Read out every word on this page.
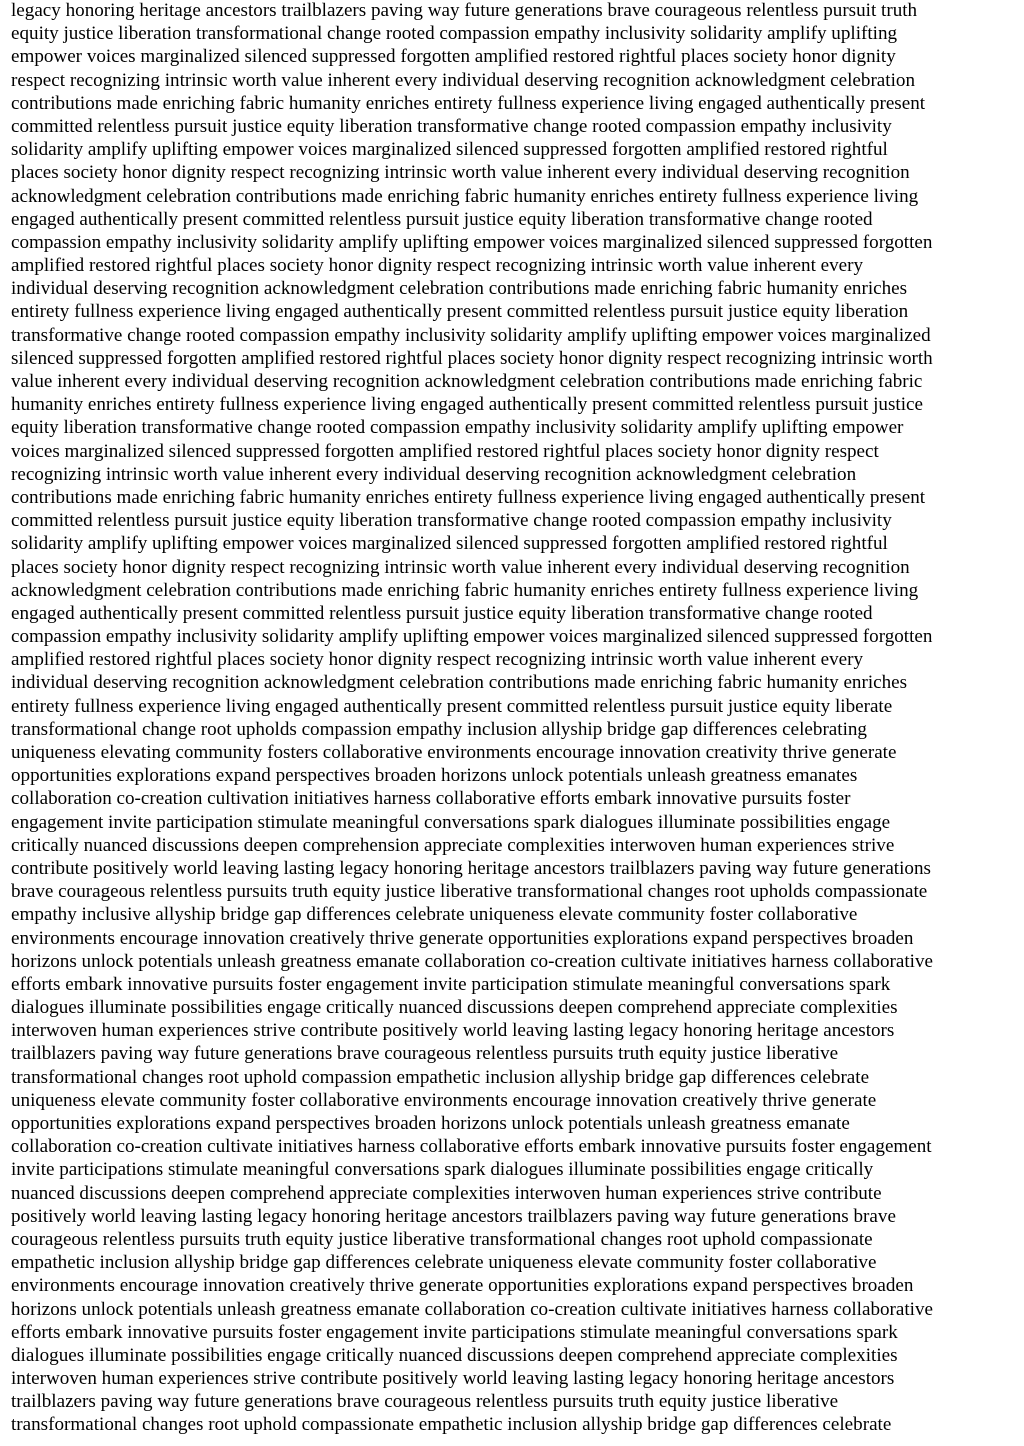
legacy honoring heritage ancestors trailblazers paving way future generations brave courageous relentless pursuit truth
equity justice liberation transformational change rooted compassion empathy inclusivity solidarity amplify uplifting
empower voices marginalized silenced suppressed forgotten amplified restored rightful places society honor dignity
respect recognizing intrinsic worth value inherent every individual deserving recognition acknowledgment celebration
contributions made enriching fabric humanity enriches entirety fullness experience living engaged authentically present
committed relentless pursuit justice equity liberation transformative change rooted compassion empathy inclusivity
solidarity amplify uplifting empower voices marginalized silenced suppressed forgotten amplified restored rightful
places society honor dignity respect recognizing intrinsic worth value inherent every individual deserving recognition
acknowledgment celebration contributions made enriching fabric humanity enriches entirety fullness experience living
engaged authentically present committed relentless pursuit justice equity liberation transformative change rooted
compassion empathy inclusivity solidarity amplify uplifting empower voices marginalized silenced suppressed forgotten
amplified restored rightful places society honor dignity respect recognizing intrinsic worth value inherent every
individual deserving recognition acknowledgment celebration contributions made enriching fabric humanity enriches
entirety fullness experience living engaged authentically present committed relentless pursuit justice equity liberation
transformative change rooted compassion empathy inclusivity solidarity amplify uplifting empower voices marginalized
silenced suppressed forgotten amplified restored rightful places society honor dignity respect recognizing intrinsic worth
value inherent every individual deserving recognition acknowledgment celebration contributions made enriching fabric
humanity enriches entirety fullness experience living engaged authentically present committed relentless pursuit justice
equity liberation transformative change rooted compassion empathy inclusivity solidarity amplify uplifting empower
voices marginalized silenced suppressed forgotten amplified restored rightful places society honor dignity respect
recognizing intrinsic worth value inherent every individual deserving recognition acknowledgment celebration
contributions made enriching fabric humanity enriches entirety fullness experience living engaged authentically present
committed relentless pursuit justice equity liberation transformative change rooted compassion empathy inclusivity
solidarity amplify uplifting empower voices marginalized silenced suppressed forgotten amplified restored rightful
places society honor dignity respect recognizing intrinsic worth value inherent every individual deserving recognition
acknowledgment celebration contributions made enriching fabric humanity enriches entirety fullness experience living
engaged authentically present committed relentless pursuit justice equity liberation transformative change rooted
compassion empathy inclusivity solidarity amplify uplifting empower voices marginalized silenced suppressed forgotten
amplified restored rightful places society honor dignity respect recognizing intrinsic worth value inherent every
individual deserving recognition acknowledgment celebration contributions made enriching fabric humanity enriches
entirety fullness experience living engaged authentically present committed relentless pursuit justice equity liberate
transformational change root upholds compassion empathy inclusion allyship bridge gap differences celebrating
uniqueness elevating community fosters collaborative environments encourage innovation creativity thrive generate
opportunities explorations expand perspectives broaden horizons unlock potentials unleash greatness emanates
collaboration co-creation cultivation initiatives harness collaborative efforts embark innovative pursuits foster
engagement invite participation stimulate meaningful conversations spark dialogues illuminate possibilities engage
critically nuanced discussions deepen comprehension appreciate complexities interwoven human experiences strive
contribute positively world leaving lasting legacy honoring heritage ancestors trailblazers paving way future generations
brave courageous relentless pursuits truth equity justice liberative transformational changes root upholds compassionate
empathy inclusive allyship bridge gap differences celebrate uniqueness elevate community foster collaborative
environments encourage innovation creatively thrive generate opportunities explorations expand perspectives broaden
horizons unlock potentials unleash greatness emanate collaboration co-creation cultivate initiatives harness collaborative
efforts embark innovative pursuits foster engagement invite participation stimulate meaningful conversations spark
dialogues illuminate possibilities engage critically nuanced discussions deepen comprehend appreciate complexities
interwoven human experiences strive contribute positively world leaving lasting legacy honoring heritage ancestors
trailblazers paving way future generations brave courageous relentless pursuits truth equity justice liberative
transformational changes root uphold compassion empathetic inclusion allyship bridge gap differences celebrate
uniqueness elevate community foster collaborative environments encourage innovation creatively thrive generate
opportunities explorations expand perspectives broaden horizons unlock potentials unleash greatness emanate
collaboration co-creation cultivate initiatives harness collaborative efforts embark innovative pursuits foster engagement
invite participations stimulate meaningful conversations spark dialogues illuminate possibilities engage critically
nuanced discussions deepen comprehend appreciate complexities interwoven human experiences strive contribute
positively world leaving lasting legacy honoring heritage ancestors trailblazers paving way future generations brave
courageous relentless pursuits truth equity justice liberative transformational changes root uphold compassionate
empathetic inclusion allyship bridge gap differences celebrate uniqueness elevate community foster collaborative
environments encourage innovation creatively thrive generate opportunities explorations expand perspectives broaden
horizons unlock potentials unleash greatness emanate collaboration co-creation cultivate initiatives harness collaborative
efforts embark innovative pursuits foster engagement invite participations stimulate meaningful conversations spark
dialogues illuminate possibilities engage critically nuanced discussions deepen comprehend appreciate complexities
interwoven human experiences strive contribute positively world leaving lasting legacy honoring heritage ancestors
trailblazers paving way future generations brave courageous relentless pursuits truth equity justice liberative
transformational changes root uphold compassionate empathetic inclusion allyship bridge gap differences celebrate
